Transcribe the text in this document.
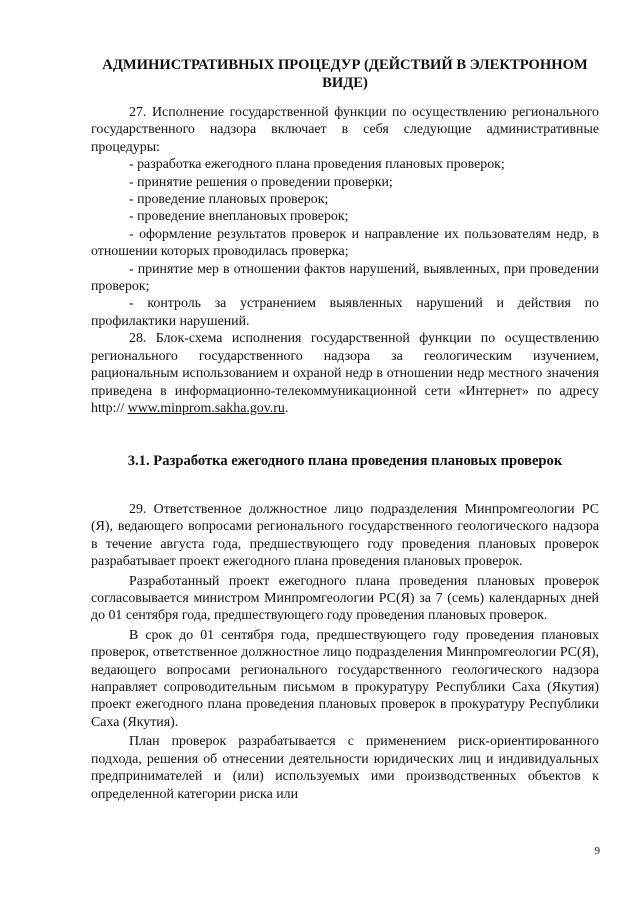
АДМИНИСТРАТИВНЫХ ПРОЦЕДУР (ДЕЙСТВИЙ В ЭЛЕКТРОННОМ ВИДЕ)

27. Исполнение государственной функции по осуществлению регионального государственного надзора включает в себя следующие административные процедуры:

- разработка ежегодного плана проведения плановых проверок;

- принятие решения о проведении проверки;

- проведение плановых проверок;

- проведение внеплановых проверок;

- оформление результатов проверок и направление их пользователям недр, в отношении которых проводилась проверка;

- принятие мер в отношении фактов нарушений, выявленных, при проведении проверок;

- контроль за устранением выявленных нарушений и действия по профилактики нарушений.

28. Блок-схема исполнения государственной функции по осуществлению регионального государственного надзора за геологическим изучением, рациональным использованием и охраной недр в отношении недр местного значения приведена в информационно-телекоммуникационной сети «Интернет» по адресу http:// www.minprom.sakha.gov.ru.

3.1. Разработка ежегодного плана проведения плановых проверок

29. Ответственное должностное лицо подразделения Минпромгеологии РС (Я), ведающего вопросами регионального государственного геологического надзора в течение августа года, предшествующего году проведения плановых проверок разрабатывает проект ежегодного плана проведения плановых проверок.

Разработанный проект ежегодного плана проведения плановых проверок согласовывается министром Минпромгеологии РС(Я) за 7 (семь) календарных дней до 01 сентября года, предшествующего году проведения плановых проверок.

В срок до 01 сентября года, предшествующего году проведения плановых проверок, ответственное должностное лицо подразделения Минпромгеологии РС(Я), ведающего вопросами регионального государственного геологического надзора направляет сопроводительным письмом в прокуратуру Республики Саха (Якутия) проект ежегодного плана проведения плановых проверок в прокуратуру Республики Саха (Якутия).

План проверок разрабатывается с применением риск-ориентированного подхода, решения об отнесении деятельности юридических лиц и индивидуальных предпринимателей и (или) используемых ими производственных объектов к определенной категории риска или

9
